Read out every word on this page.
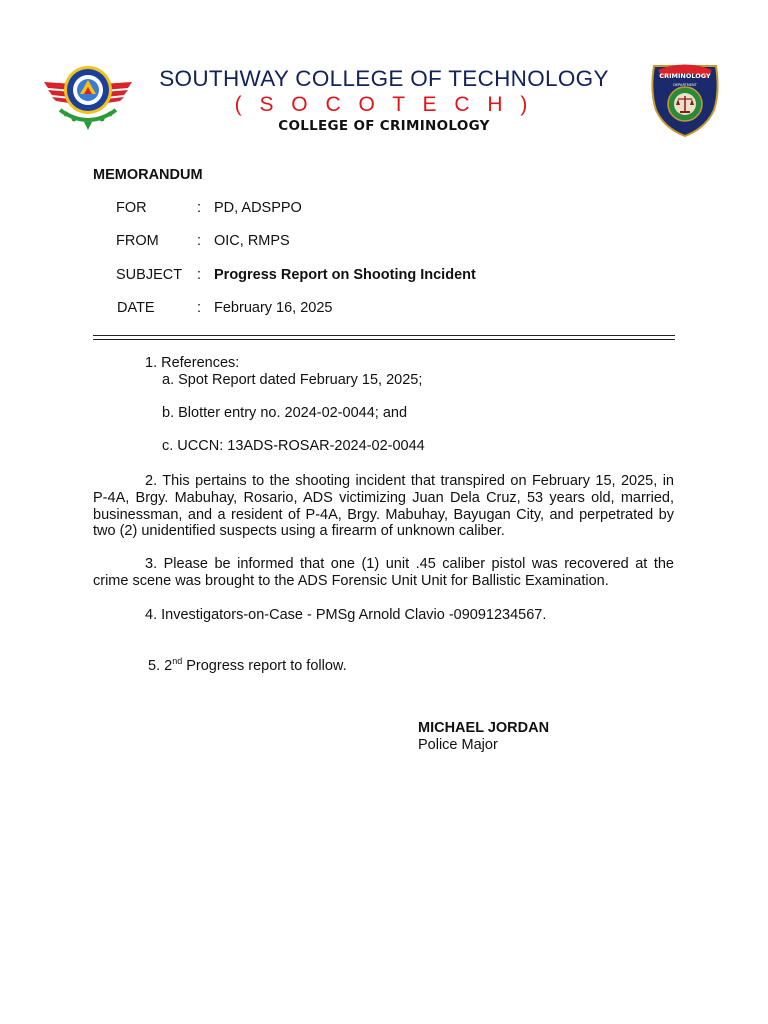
CRIMINOLOGY
DEPARTMENT
SOUTHWAY COLLEGE OF TECHNOLOGY
( S O C O T E C H )
COLLEGE OF CRIMINOLOGY
MEMORANDUM
FOR	: PD, ADSPPO
FROM	: OIC, RMPS
SUBJECT : Progress Report on Shooting Incident
DATE	: February 16, 2025
1. References:
a. Spot Report dated February 15, 2025;
b. Blotter entry no. 2024-02-0044; and
c. UCCN: 13ADS-ROSAR-2024-02-0044
2. This pertains to the shooting incident that transpired on February 15, 2025, in P-4A, Brgy. Mabuhay, Rosario, ADS victimizing Juan Dela Cruz, 53 years old, married, businessman, and a resident of P-4A, Brgy. Mabuhay, Bayugan City, and perpetrated by two (2) unidentified suspects using a firearm of unknown caliber.
3. Please be informed that one (1) unit .45 caliber pistol was recovered at the crime scene was brought to the ADS Forensic Unit Unit for Ballistic Examination.
4. Investigators-on-Case - PMSg Arnold Clavio -09091234567.
5. 2nd Progress report to follow.
MICHAEL JORDAN
Police Major
